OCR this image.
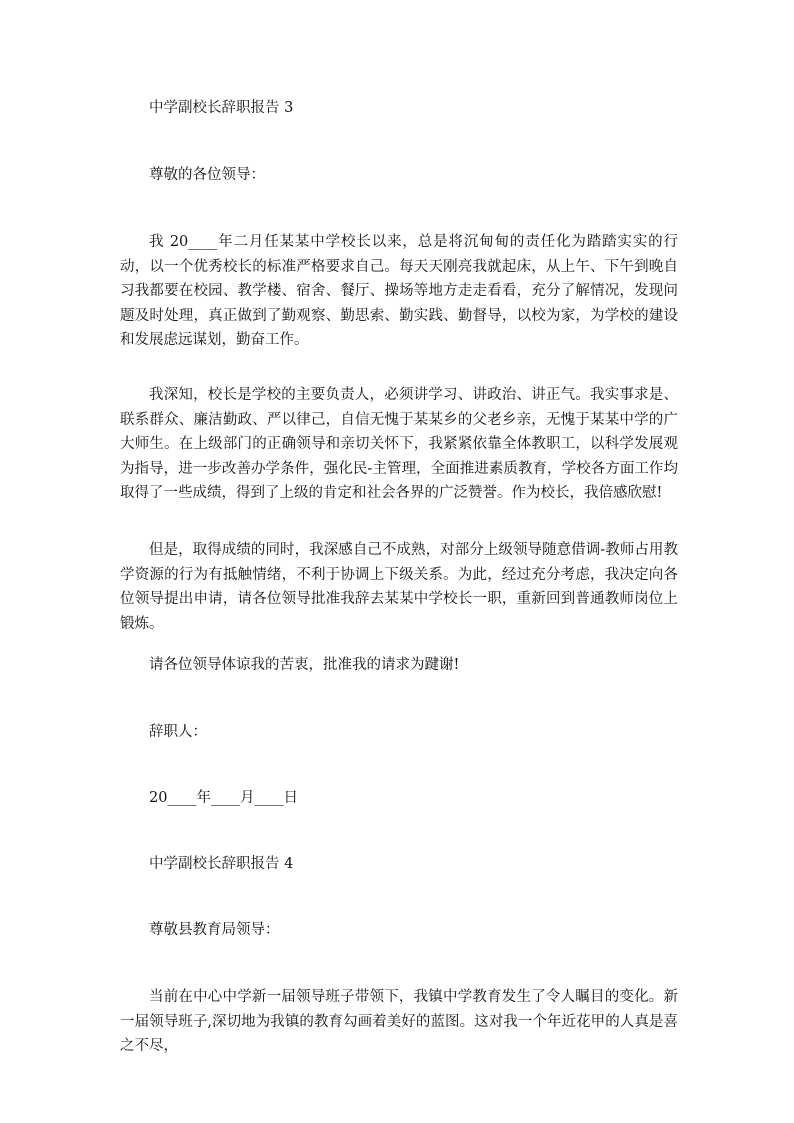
中学副校长辞职报告 3
尊敬的各位领导：
我 20____年二月任某某中学校长以来，总是将沉甸甸的责任化为踏踏实实的行动，以一个优秀校长的标准严格要求自己。每天天刚亮我就起床，从上午、下午到晚自习我都要在校园、教学楼、宿舍、餐厅、操场等地方走走看看，充分了解情况，发现问题及时处理，真正做到了勤观察、勤思索、勤实践、勤督导，以校为家，为学校的建设和发展虑远谋划，勤奋工作。
我深知，校长是学校的主要负责人，必须讲学习、讲政治、讲正气。我实事求是、联系群众、廉洁勤政、严以律己，自信无愧于某某乡的父老乡亲，无愧于某某中学的广大师生。在上级部门的正确领导和亲切关怀下，我紧紧依靠全体教职工，以科学发展观为指导，进一步改善办学条件，强化民-主管理，全面推进素质教育，学校各方面工作均取得了一些成绩，得到了上级的肯定和社会各界的广泛赞誉。作为校长，我倍感欣慰!
但是，取得成绩的同时，我深感自己不成熟，对部分上级领导随意借调-教师占用教学资源的行为有抵触情绪，不利于协调上下级关系。为此，经过充分考虑，我决定向各位领导提出申请，请各位领导批准我辞去某某中学校长一职，重新回到普通教师岗位上锻炼。
请各位领导体谅我的苦衷，批准我的请求为踺谢!
辞职人：
20____年____月____日
中学副校长辞职报告 4
尊敬县教育局领导：
当前在中心中学新一届领导班子带领下，我镇中学教育发生了令人瞩目的变化。新一届领导班子,深切地为我镇的教育勾画着美好的蓝图。这对我一个年近花甲的人真是喜之不尽，
